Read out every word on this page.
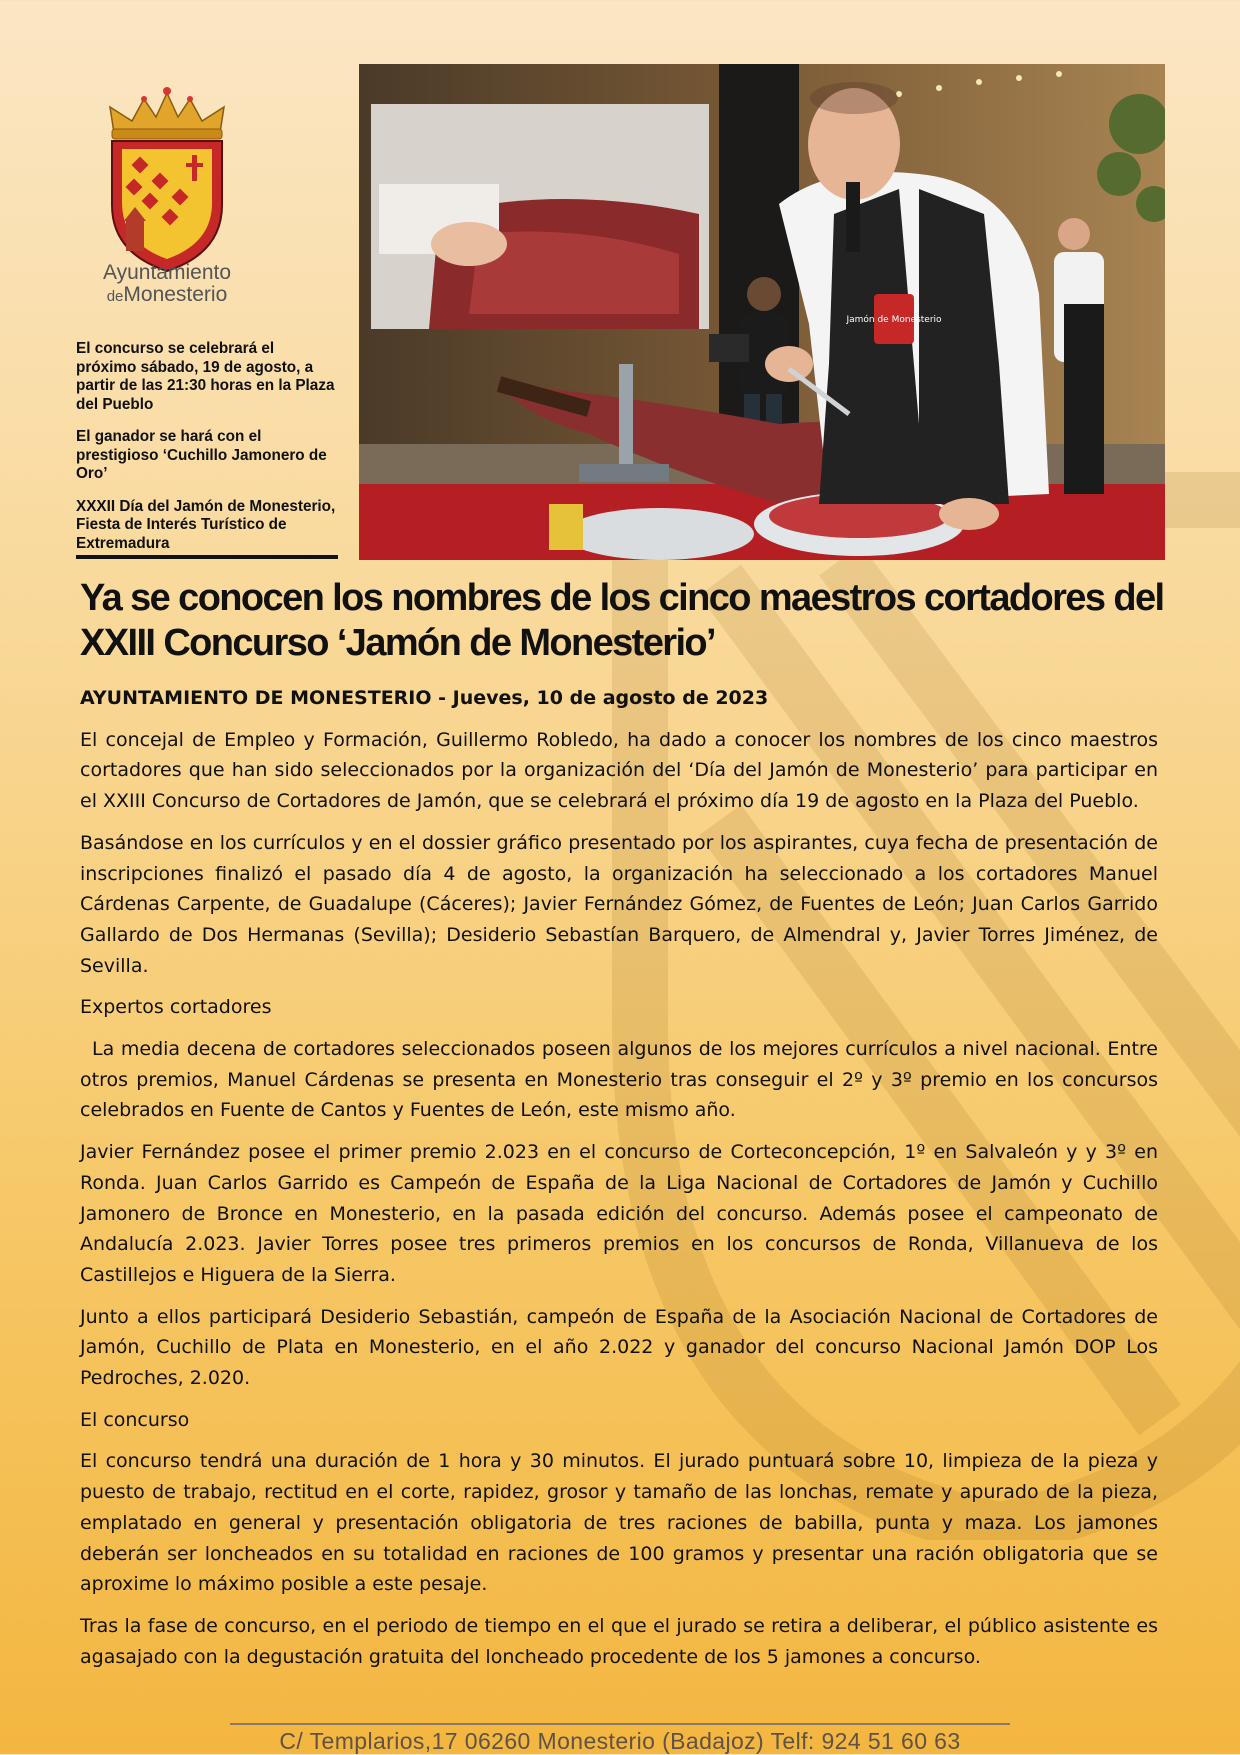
Ayuntamiento
deMonesterio

El concurso se celebrará el próximo sábado, 19 de agosto, a partir de las 21:30 horas en la Plaza del Pueblo

El ganador se hará con el prestigioso ‘Cuchillo Jamonero de Oro’

XXXII Día del Jamón de Monesterio, Fiesta de Interés Turístico de Extremadura

Jamón de Monesterio
Ya se conocen los nombres de los cinco maestros cortadores del XXIII Concurso ‘Jamón de Monesterio’

AYUNTAMIENTO DE MONESTERIO - Jueves, 10 de agosto de 2023

El concejal de Empleo y Formación, Guillermo Robledo, ha dado a conocer los nombres de los cinco maestros cortadores que han sido seleccionados por la organización del ‘Día del Jamón de Monesterio’ para participar en el XXIII Concurso de Cortadores de Jamón, que se celebrará el próximo día 19 de agosto en la Plaza del Pueblo.

Basándose en los currículos y en el dossier gráfico presentado por los aspirantes, cuya fecha de presentación de inscripciones finalizó el pasado día 4 de agosto, la organización ha seleccionado a los cortadores Manuel Cárdenas Carpente, de Guadalupe (Cáceres); Javier Fernández Gómez, de Fuentes de León; Juan Carlos Garrido Gallardo de Dos Hermanas (Sevilla); Desiderio Sebastían Barquero, de Almendral y, Javier Torres Jiménez, de Sevilla.

Expertos cortadores

La media decena de cortadores seleccionados poseen algunos de los mejores currículos a nivel nacional. Entre otros premios, Manuel Cárdenas se presenta en Monesterio tras conseguir el 2º y 3º premio en los concursos celebrados en Fuente de Cantos y Fuentes de León, este mismo año.

Javier Fernández posee el primer premio 2.023 en el concurso de Corteconcepción, 1º en Salvaleón y y 3º en Ronda. Juan Carlos Garrido es Campeón de España de la Liga Nacional de Cortadores de Jamón y Cuchillo Jamonero de Bronce en Monesterio, en la pasada edición del concurso. Además posee el campeonato de Andalucía 2.023. Javier Torres posee tres primeros premios en los concursos de Ronda, Villanueva de los Castillejos e Higuera de la Sierra.

Junto a ellos participará Desiderio Sebastián, campeón de España de la Asociación Nacional de Cortadores de Jamón, Cuchillo de Plata en Monesterio, en el año 2.022 y ganador del concurso Nacional Jamón DOP Los Pedroches, 2.020.

El concurso

El concurso tendrá una duración de 1 hora y 30 minutos. El jurado puntuará sobre 10, limpieza de la pieza y puesto de trabajo, rectitud en el corte, rapidez, grosor y tamaño de las lonchas, remate y apurado de la pieza, emplatado en general y presentación obligatoria de tres raciones de babilla, punta y maza. Los jamones deberán ser loncheados en su totalidad en raciones de 100 gramos y presentar una ración obligatoria que se aproxime lo máximo posible a este pesaje.

Tras la fase de concurso, en el periodo de tiempo en el que el jurado se retira a deliberar, el público asistente es agasajado con la degustación gratuita del loncheado procedente de los 5 jamones a concurso.

C/ Templarios,17 06260 Monesterio (Badajoz) Telf: 924 51 60 63
